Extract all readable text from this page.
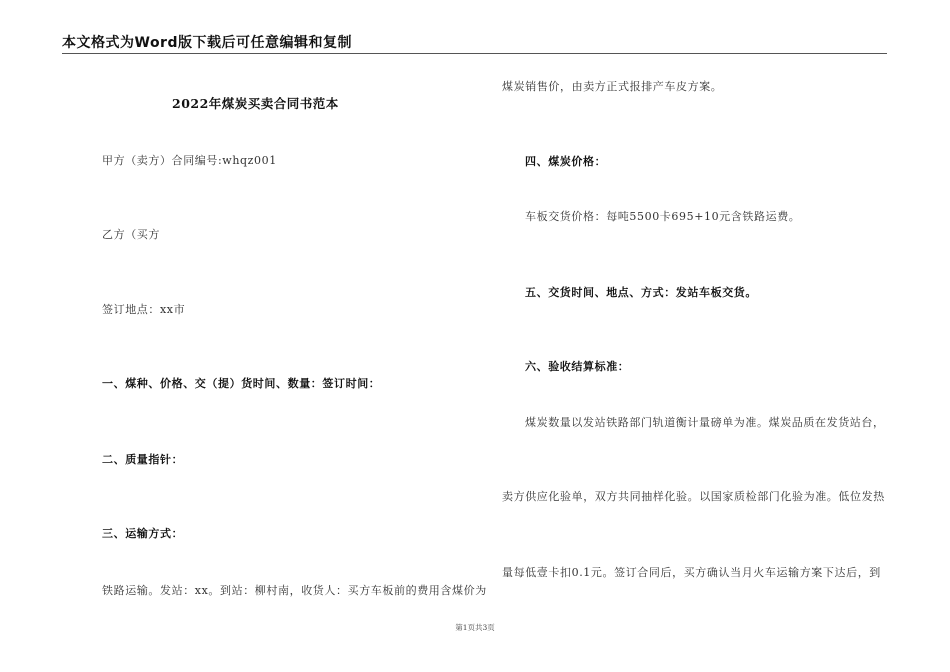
本文格式为Word版下载后可任意编辑和复制
2022年煤炭买卖合同书范本
甲方（卖方）合同编号:whqz001
乙方（买方
签订地点：xx市
一、煤种、价格、交（提）货时间、数量：签订时间：
二、质量指针：
三、运输方式：
铁路运输。发站：xx。到站：柳村南，收货人：买方车板前的费用含煤价为
煤炭销售价，由卖方正式报排产车皮方案。
四、煤炭价格：
车板交货价格：每吨5500卡695+10元含铁路运费。
五、交货时间、地点、方式：发站车板交货。
六、验收结算标准：
煤炭数量以发站铁路部门轨道衡计量磅单为准。煤炭品质在发货站台，
卖方供应化验单，双方共同抽样化验。以国家质检部门化验为准。低位发热
量每低壹卡扣0.1元。签订合同后，买方确认当月火车运输方案下达后，到
第1页共3页
